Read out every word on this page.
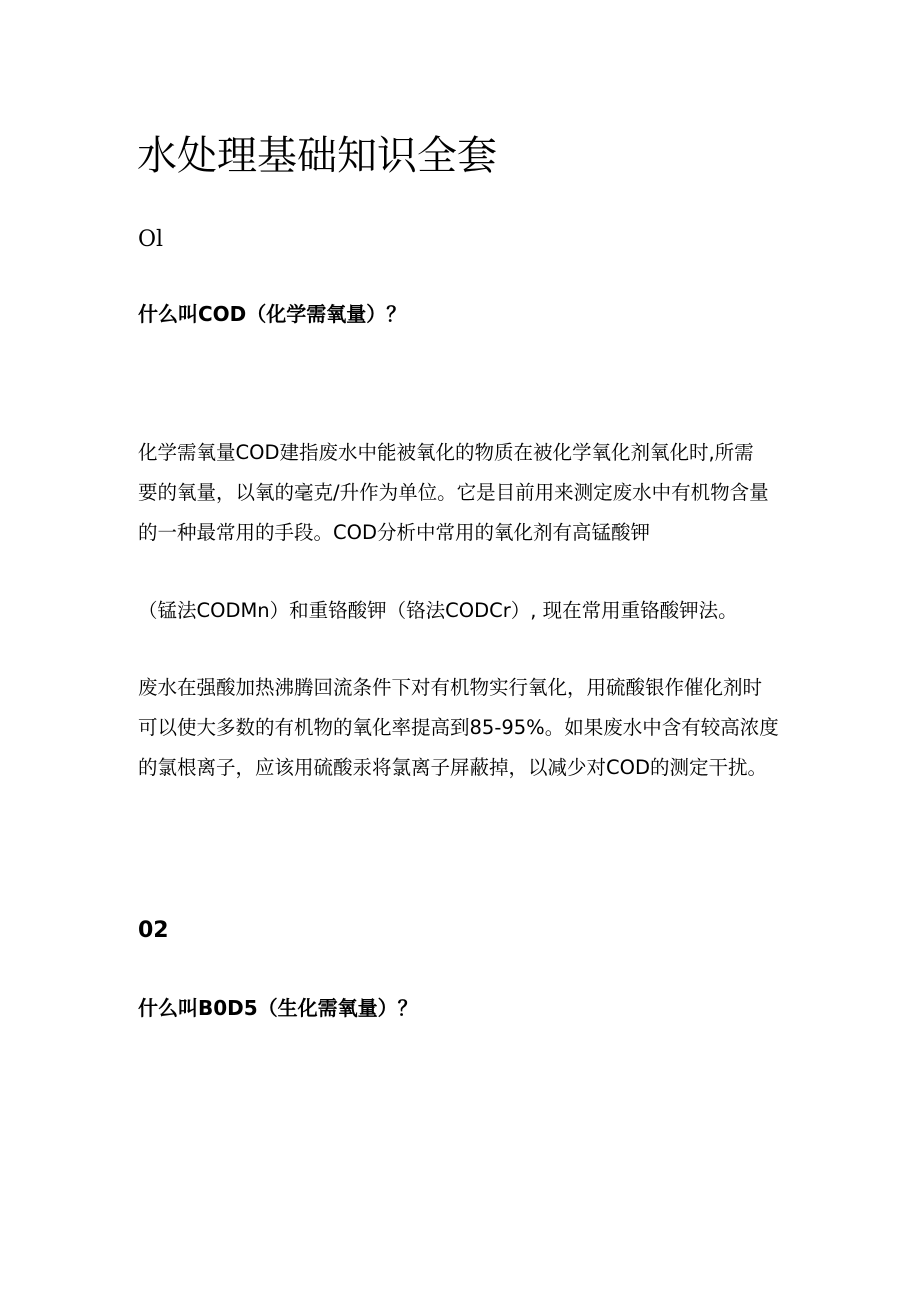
水处理基础知识全套
Ol
什么叫COD（化学需氧量）？

化学需氧量COD建指废水中能被氧化的物质在被化学氧化剂氧化时,所需
要的氧量，以氧的毫克/升作为单位。它是目前用来测定废水中有机物含量
的一种最常用的手段。COD分析中常用的氧化剂有高锰酸钾

（锰法CODMn）和重铬酸钾（铬法CODCr）, 现在常用重铬酸钾法。

废水在强酸加热沸腾回流条件下对有机物实行氧化，用硫酸银作催化剂时
可以使大多数的有机物的氧化率提高到85-95%。如果废水中含有较高浓度
的氯根离子，应该用硫酸汞将氯离子屏蔽掉，以减少对COD的测定干扰。

02
什么叫B0D5（生化需氧量）？
